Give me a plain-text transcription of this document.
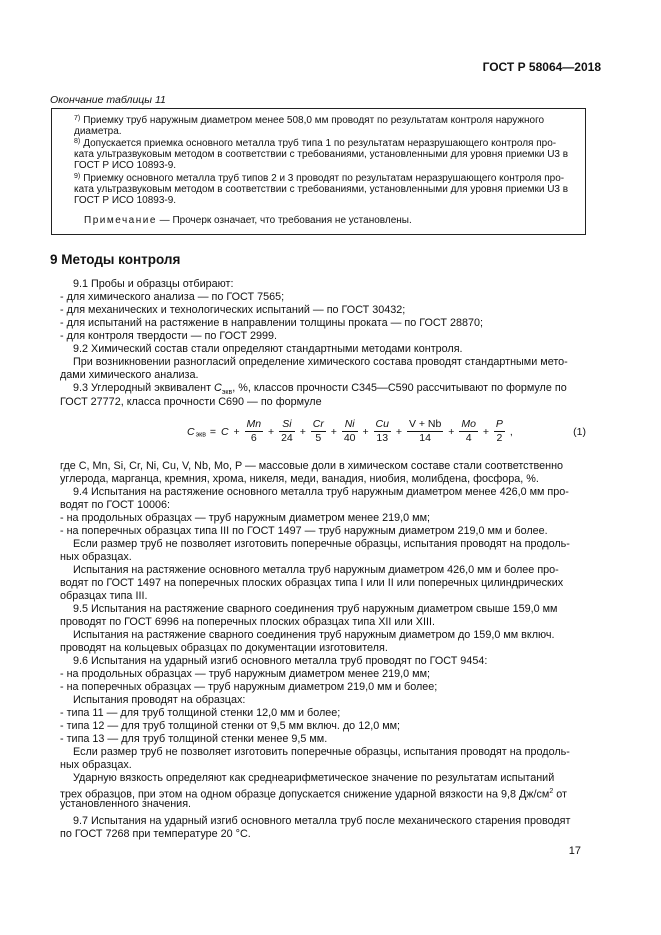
ГОСТ Р 58064—2018
Окончание таблицы 11
$^{7)}$ Приемку труб наружным диаметром менее 508,0 мм проводят по результатам контроля наружного
диаметра.
$^{8)}$ Допускается приемка основного металла труб типа 1 по результатам неразрушающего контроля про-
ката ультразвуковым методом в соответствии с требованиями, установленными для уровня приемки U3 в
ГОСТ Р ИСО 10893-9.
$^{9)}$ Приемку основного металла труб типов 2 и 3 проводят по результатам неразрушающего контроля про-
ката ультразвуковым методом в соответствии с требованиями, установленными для уровня приемки U3 в
ГОСТ Р ИСО 10893-9.
Примечание — Прочерк означает, что требования не установлены.
9 Методы контроля
9.1 Пробы и образцы отбирают:
- для химического анализа — по ГОСТ 7565;
- для механических и технологических испытаний — по ГОСТ 30432;
- для испытаний на растяжение в направлении толщины проката — по ГОСТ 28870;
- для контроля твердости — по ГОСТ 2999.
9.2 Химический состав стали определяют стандартными методами контроля.
При возникновении разногласий определение химического состава проводят стандартными мето-
дами химического анализа.
9.3 Углеродный эквивалент $С_{экв}$, %, классов прочности С345—С590 рассчитывают по формуле по
ГОСТ 27772, класса прочности С690 — по формуле
$С_{экв} = С + \frac{Mn}{6} + \frac{Si}{24} + \frac{Cr}{5} + \frac{Ni}{40} + \frac{Cu}{13} + \frac{V + Nb}{14} + \frac{Mo}{4} + \frac{P}{2}$ ,	(1)
где C, Mn, Si, Cr, Ni, Cu, V, Nb, Mo, P — массовые доли в химическом составе стали соответственно
углерода, марганца, кремния, хрома, никеля, меди, ванадия, ниобия, молибдена, фосфора, %.
9.4 Испытания на растяжение основного металла труб наружным диаметром менее 426,0 мм про-
водят по ГОСТ 10006:
- на продольных образцах — труб наружным диаметром менее 219,0 мм;
- на поперечных образцах типа III по ГОСТ 1497 — труб наружным диаметром 219,0 мм и более.
Если размер труб не позволяет изготовить поперечные образцы, испытания проводят на продоль-
ных образцах.
Испытания на растяжение основного металла труб наружным диаметром 426,0 мм и более про-
водят по ГОСТ 1497 на поперечных плоских образцах типа I или II или поперечных цилиндрических
образцах типа III.
9.5 Испытания на растяжение сварного соединения труб наружным диаметром свыше 159,0 мм
проводят по ГОСТ 6996 на поперечных плоских образцах типа XII или XIII.
Испытания на растяжение сварного соединения труб наружным диаметром до 159,0 мм включ.
проводят на кольцевых образцах по документации изготовителя.
9.6 Испытания на ударный изгиб основного металла труб проводят по ГОСТ 9454:
- на продольных образцах — труб наружным диаметром менее 219,0 мм;
- на поперечных образцах — труб наружным диаметром 219,0 мм и более;
Испытания проводят на образцах:
- типа 11 — для труб толщиной стенки 12,0 мм и более;
- типа 12 — для труб толщиной стенки от 9,5 мм включ. до 12,0 мм;
- типа 13 — для труб толщиной стенки менее 9,5 мм.
Если размер труб не позволяет изготовить поперечные образцы, испытания проводят на продоль-
ных образцах.
Ударную вязкость определяют как среднеарифметическое значение по результатам испытаний
трех образцов, при этом на одном образце допускается снижение ударной вязкости на 9,8 $Дж/см^2$ от
установленного значения.
9.7 Испытания на ударный изгиб основного металла труб после механического старения проводят
по ГОСТ 7268 при температуре 20 °С.
17
